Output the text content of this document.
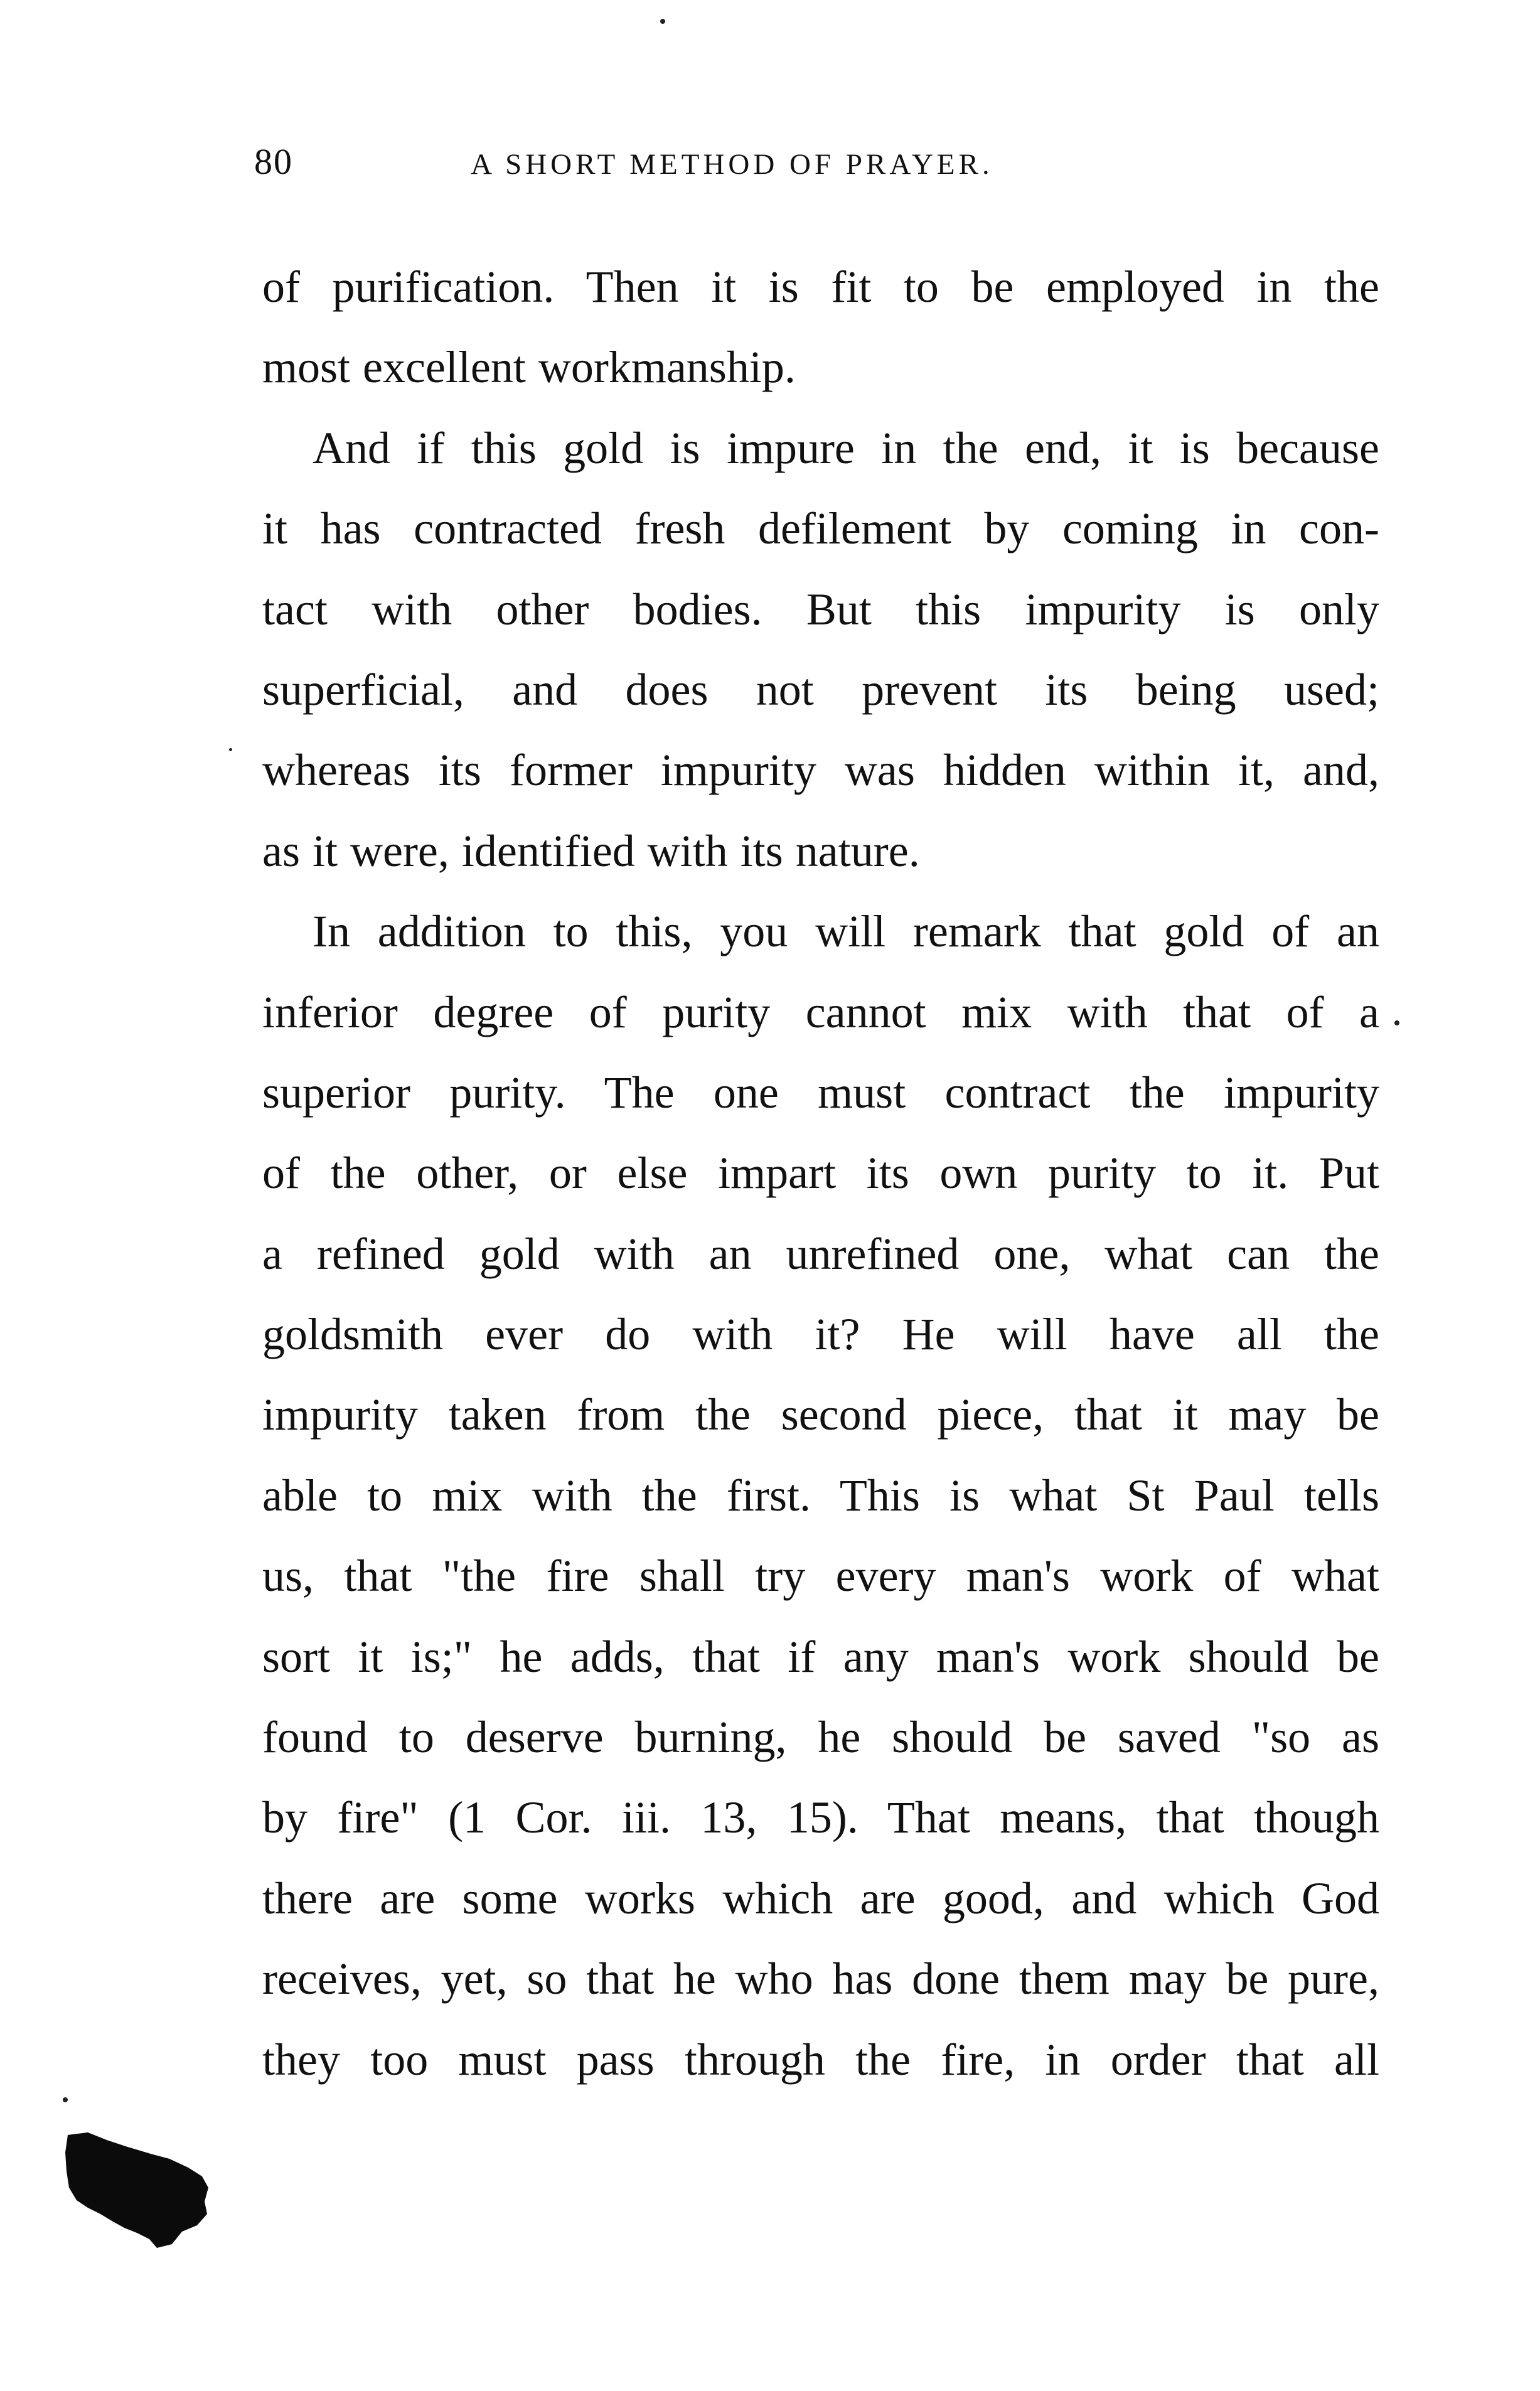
80	A SHORT METHOD OF PRAYER.
of purification. Then it is fit to be employed in the
most excellent workmanship.
And if this gold is impure in the end, it is because
it has contracted fresh defilement by coming in con-
tact with other bodies. But this impurity is only
superficial, and does not prevent its being used;
whereas its former impurity was hidden within it, and,
as it were, identified with its nature.
In addition to this, you will remark that gold of an
inferior degree of purity cannot mix with that of a
superior purity. The one must contract the impurity
of the other, or else impart its own purity to it. Put
a refined gold with an unrefined one, what can the
goldsmith ever do with it? He will have all the
impurity taken from the second piece, that it may be
able to mix with the first. This is what St Paul tells
us, that "the fire shall try every man's work of what
sort it is;" he adds, that if any man's work should be
found to deserve burning, he should be saved "so as
by fire" (1 Cor. iii. 13, 15). That means, that though
there are some works which are good, and which God
receives, yet, so that he who has done them may be pure,
they too must pass through the fire, in order that all
